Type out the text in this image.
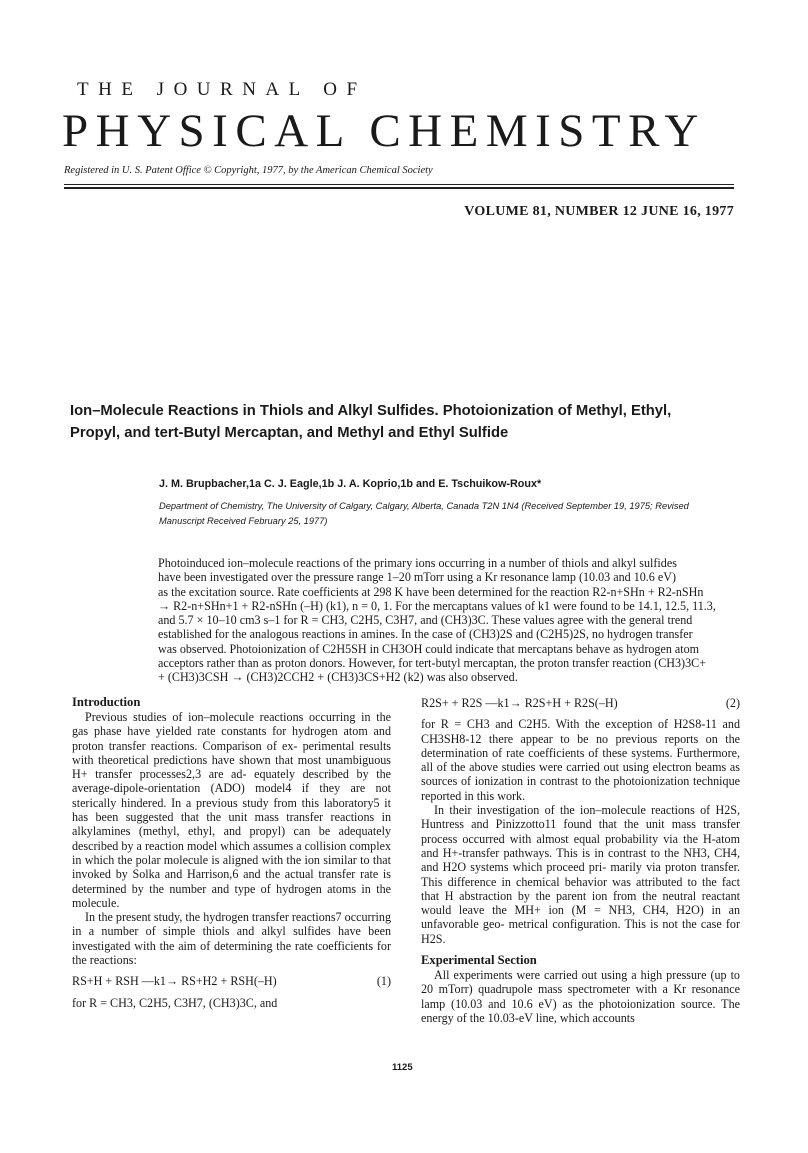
THE JOURNAL OF
PHYSICAL CHEMISTRY
Registered in U. S. Patent Office © Copyright, 1977, by the American Chemical Society
VOLUME 81, NUMBER 12 JUNE 16, 1977
Ion–Molecule Reactions in Thiols and Alkyl Sulfides. Photoionization of Methyl, Ethyl,
Propyl, and tert-Butyl Mercaptan, and Methyl and Ethyl Sulfide
J. M. Brupbacher,1a C. J. Eagle,1b J. A. Koprio,1b and E. Tschuikow-Roux*
Department of Chemistry, The University of Calgary, Calgary, Alberta, Canada T2N 1N4 (Received September 19, 1975; Revised
Manuscript Received February 25, 1977)
Photoinduced ion–molecule reactions of the primary ions occurring in a number of thiols and alkyl sulfides
have been investigated over the pressure range 1–20 mTorr using a Kr resonance lamp (10.03 and 10.6 eV)
as the excitation source. Rate coefficients at 298 K have been determined for the reaction R2-n+SHn + R2-nSHn
→ R2-n+SHn+1 + R2-nSHn (–H) (k1), n = 0, 1. For the mercaptans values of k1 were found to be 14.1, 12.5, 11.3,
and 5.7 × 10–10 cm3 s–1 for R = CH3, C2H5, C3H7, and (CH3)3C. These values agree with the general trend
established for the analogous reactions in amines. In the case of (CH3)2S and (C2H5)2S, no hydrogen transfer
was observed. Photoionization of C2H5SH in CH3OH could indicate that mercaptans behave as hydrogen atom
acceptors rather than as proton donors. However, for tert-butyl mercaptan, the proton transfer reaction (CH3)3C+
+ (CH3)3CSH → (CH3)2CCH2 + (CH3)3CS+H2 (k2) was also observed.
Introduction

Previous studies of ion–molecule reactions occurring in the gas phase have yielded rate constants for hydrogen atom and proton transfer reactions. Comparison of ex- perimental results with theoretical predictions have shown that most unambiguous H+ transfer processes2,3 are ad- equately described by the average-dipole-orientation (ADO) model4 if they are not sterically hindered. In a previous study from this laboratory5 it has been suggested that the unit mass transfer reactions in alkylamines (methyl, ethyl, and propyl) can be adequately described by a reaction model which assumes a collision complex in which the polar molecule is aligned with the ion similar to that invoked by Solka and Harrison,6 and the actual transfer rate is determined by the number and type of hydrogen atoms in the molecule.

In the present study, the hydrogen transfer reactions7 occurring in a number of simple thiols and alkyl sulfides have been investigated with the aim of determining the rate coefficients for the reactions:

RS+H + RSH —k1→ RS+H2 + RSH(–H)	(1)

for R = CH3, C2H5, C3H7, (CH3)3C, and

R2S+ + R2S —k1→ R2S+H + R2S(–H)	(2)

for R = CH3 and C2H5. With the exception of H2S8-11 and CH3SH8-12 there appear to be no previous reports on the determination of rate coefficients of these systems. Furthermore, all of the above studies were carried out using electron beams as sources of ionization in contrast to the photoionization technique reported in this work.

In their investigation of the ion–molecule reactions of H2S, Huntress and Pinizzotto11 found that the unit mass transfer process occurred with almost equal probability via the H-atom and H+-transfer pathways. This is in contrast to the NH3, CH4, and H2O systems which proceed pri- marily via proton transfer. This difference in chemical behavior was attributed to the fact that H abstraction by the parent ion from the neutral reactant would leave the MH+ ion (M = NH3, CH4, H2O) in an unfavorable geo- metrical configuration. This is not the case for H2S.

Experimental Section

All experiments were carried out using a high pressure (up to 20 mTorr) quadrupole mass spectrometer with a Kr resonance lamp (10.03 and 10.6 eV) as the photoionization source. The energy of the 10.03-eV line, which accounts

1125
